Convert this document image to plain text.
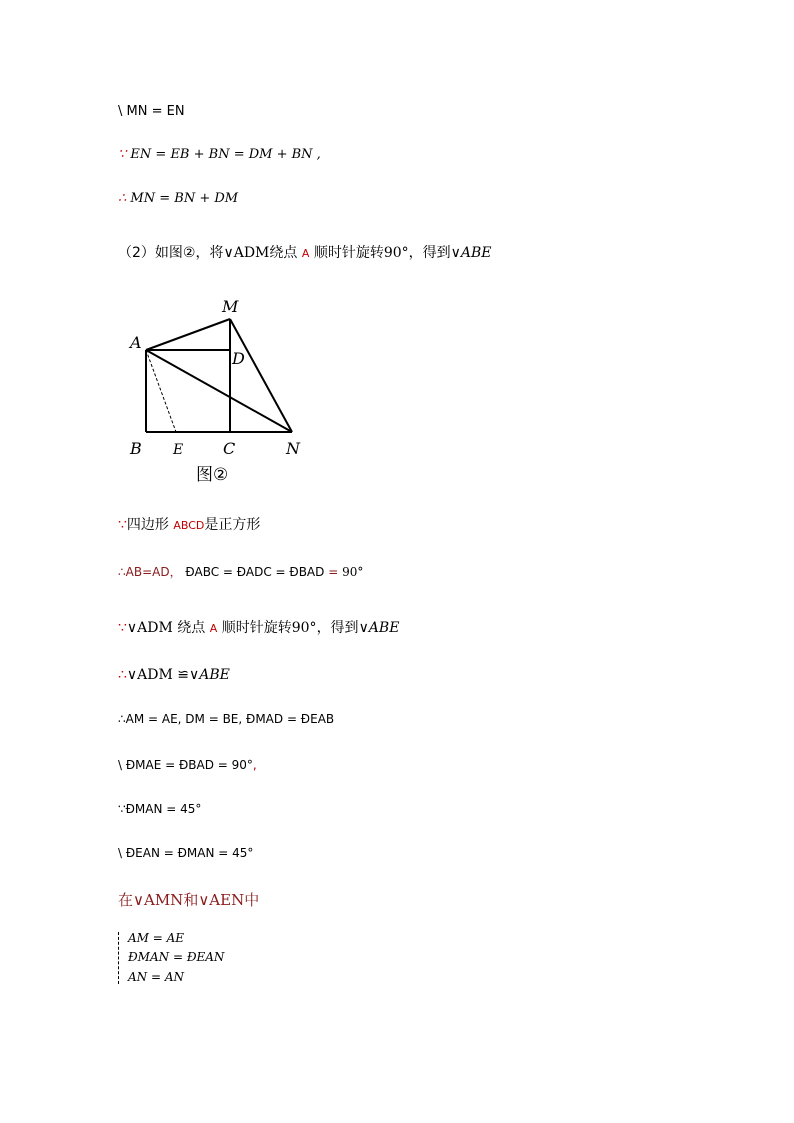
\ MN = EN
∵ EN = EB + BN = DM + BN ,
∴ MN = BN + DM
（2）如图②，将∨ADM绕点 A 顺时针旋转90°，得到∨ABE
A
M
D
B E C	N
图②
∵四边形 ABCD是正方形
∴AB=AD， ÐABC = ÐADC = ÐBAD = 90°
∵∨ADM 绕点 A 顺时针旋转90°，得到∨ABE
∴∨ADM ≌∨ABE
∴AM = AE, DM = BE, ÐMAD = ÐEAB
\ ÐMAE = ÐBAD = 90°,
∵ÐMAN = 45°
\ ÐEAN = ÐMAN = 45°
在∨AMN和∨AEN中
AM = AE
ÐMAN = ÐEAN
AN = AN
